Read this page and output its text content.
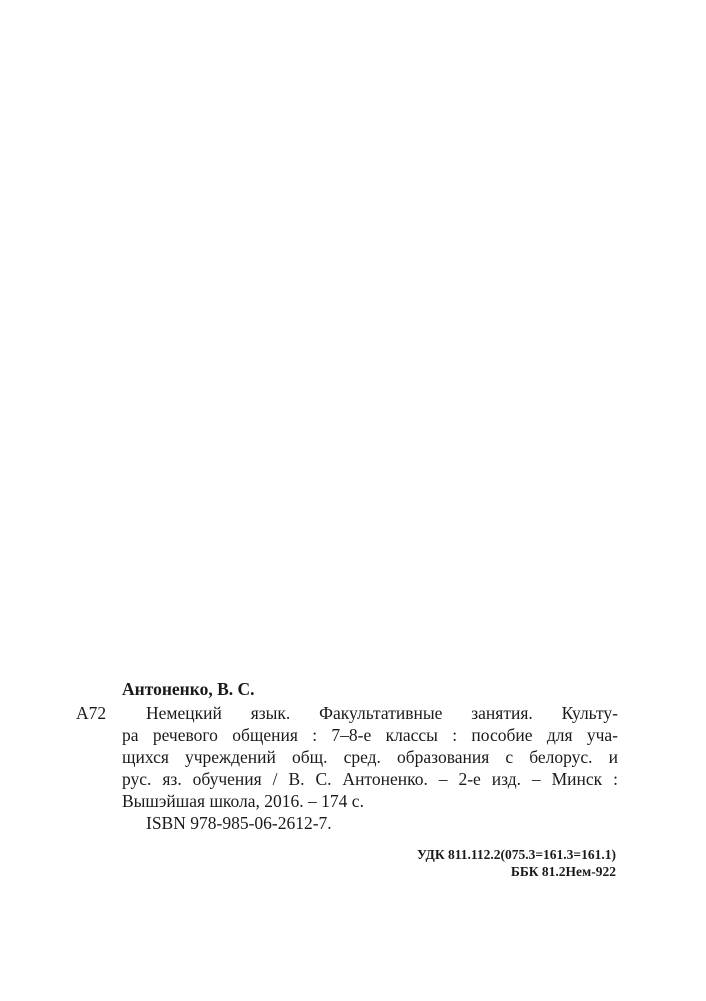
Антоненко, В. С.
А72	Немецкий язык. Факультативные занятия. Культу-
ра речевого общения : 7–8-е классы : пособие для уча-
щихся учреждений общ. сред. образования с белорус. и
рус. яз. обучения / В. С. Антоненко. – 2-е изд. – Минск :
Вышэйшая школа, 2016. – 174 с.
ISBN 978-985-06-2612-7.
УДК 811.112.2(075.3=161.3=161.1)
ББК 81.2Нем-922
